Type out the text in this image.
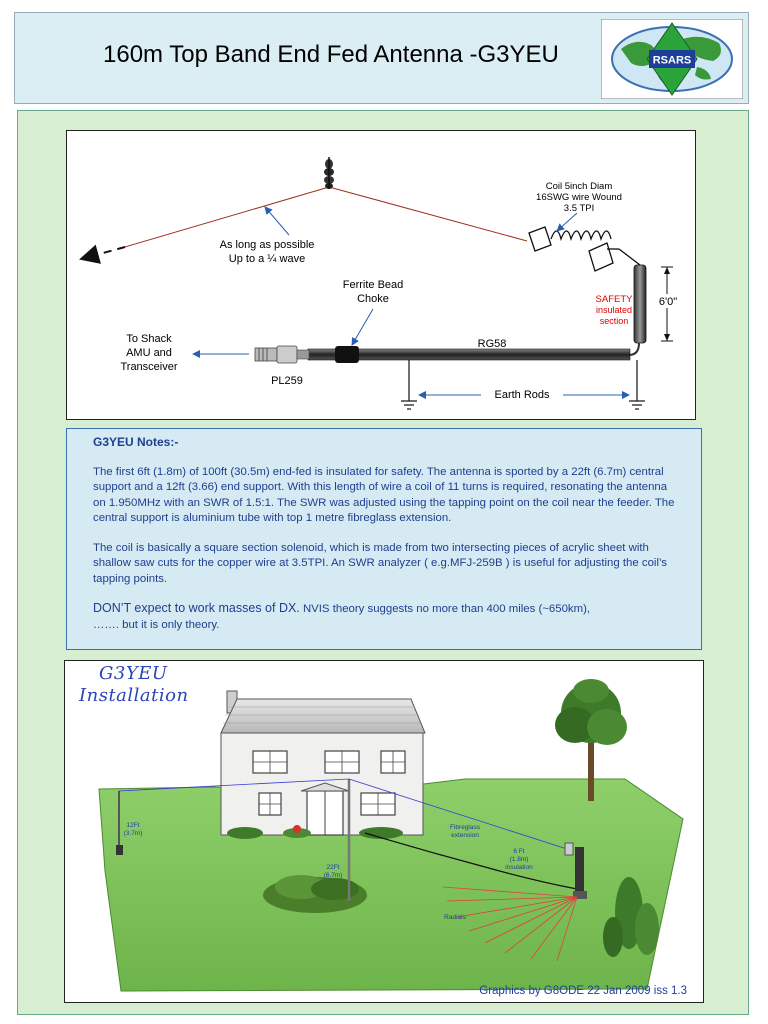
160m Top Band End Fed Antenna -G3YEU	RSARS
As long as possible
Up to a ¼ wave
Coil 5inch Diam
16SWG wire Wound
3.5 TPI
SAFETY
insulated
section
6'0"
Ferrite Bead
Choke
RG58
PL259
To Shack
AMU and
Transceiver
Earth Rods
G3YEU Notes:-

The first 6ft (1.8m) of 100ft (30.5m) end-fed is insulated for safety. The antenna is sported by a 22ft (6.7m) central support and a 12ft (3.66) end support. With this length of wire a coil of 11 turns is required, resonating the antenna on 1.950MHz with an SWR of 1.5:1. The SWR was adjusted using the tapping point on the coil near the feeder. The central support is aluminium tube with top 1 metre fibreglass extension.

The coil is basically a square section solenoid, which is made from two intersecting pieces of acrylic sheet with shallow saw cuts for the copper wire at 3.5TPI. An SWR analyzer ( e.g.MFJ-259B ) is useful for adjusting the coil’s tapping points.

DON’T expect to work masses of DX. NVIS theory suggests no more than 400 miles (~650km),
……. but it is only theory.

12Ft
(3.7m)
22Ft
(6.7m)
Fibreglass
extension
6 Ft
(1.8m)
insulation
Radials
G3YEU
Installation
Graphics by G8ODE 22 Jan 2009 iss 1.3
